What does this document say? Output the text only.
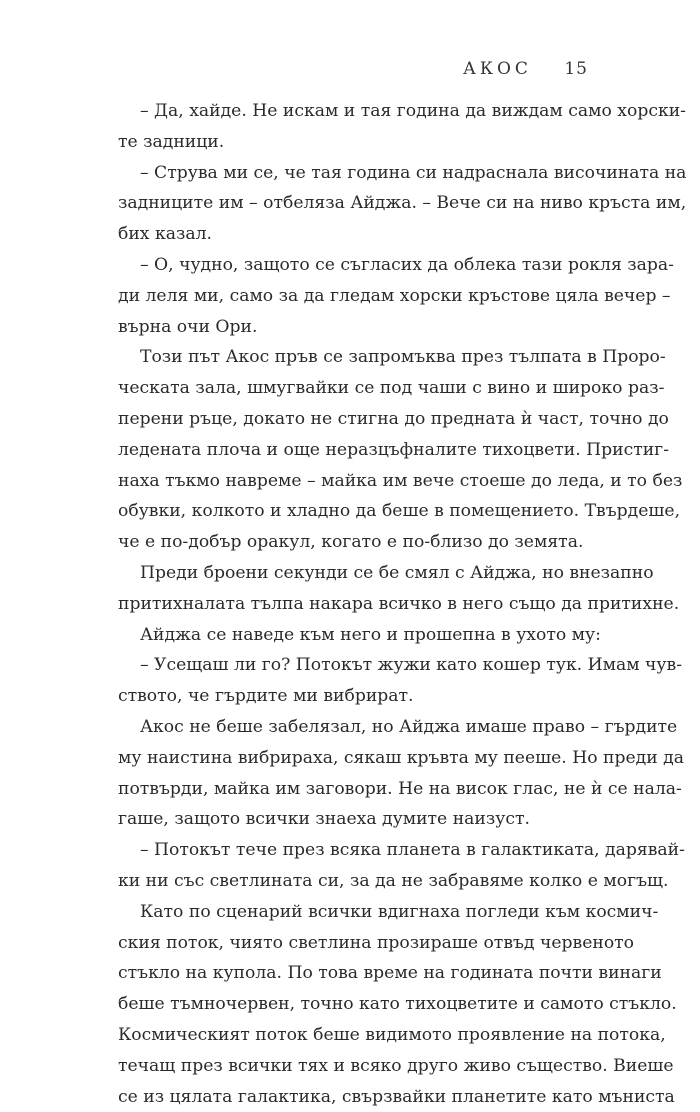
АКОС 15
– Да, хайде. Не искам и тая година да виждам само хорски-
те задници.
– Струва ми се, че тая година си надраснала височината на
задниците им – отбеляза Айджа. – Вече си на ниво кръста им,
бих казал.
– О, чудно, защото се съгласих да облека тази рокля зара-
ди леля ми, само за да гледам хорски кръстове цяла вечер –
върна очи Ори.
Този път Акос пръв се запромъква през тълпата в Проро-
ческата зала, шмугвайки се под чаши с вино и широко раз-
перени ръце, докато не стигна до предната ѝ част, точно до
ледената плоча и още неразцъфналите тихоцвети. Пристиг-
наха тъкмо навреме – майка им вече стоеше до леда, и то без
обувки, колкото и хладно да беше в помещението. Твърдеше,
че е по-добър оракул, когато е по-близо до земята.
Преди броени секунди се бе смял с Айджа, но внезапно
притихналата тълпа накара всичко в него също да притихне.
Айджа се наведе към него и прошепна в ухото му:
– Усещаш ли го? Потокът жужи като кошер тук. Имам чув-
ството, че гърдите ми вибрират.
Акос не беше забелязал, но Айджа имаше право – гърдите
му наистина вибрираха, сякаш кръвта му пееше. Но преди да
потвърди, майка им заговори. Не на висок глас, не ѝ се нала-
гаше, защото всички знаеха думите наизуст.
– Потокът тече през всяка планета в галактиката, дарявай-
ки ни със светлината си, за да не забравяме колко е могъщ.
Като по сценарий всички вдигнаха погледи към космич-
ския поток, чиято светлина прозираше отвъд червеното
стъкло на купола. По това време на годината почти винаги
беше тъмночервен, точно като тихоцветите и самото стъкло.
Космическият поток беше видимото проявление на потока,
течащ през всички тях и всяко друго живо същество. Виеше
се из цялата галактика, свързвайки планетите като мъниста
